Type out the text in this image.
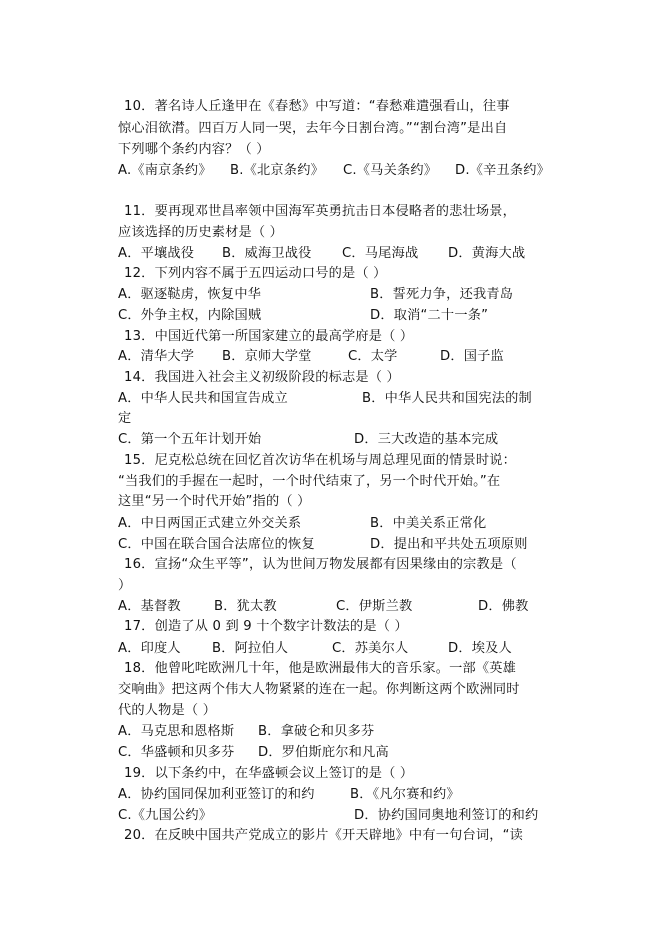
10．著名诗人丘逢甲在《春愁》中写道：“春愁难遣强看山，往事
惊心泪欲潸。四百万人同一哭，去年今日割台湾。”“割台湾”是出自
下列哪个条约内容？（ ）
A.《南京条约》 B.《北京条约》 C.《马关条约》 D.《辛丑条约》
11．要再现邓世昌率领中国海军英勇抗击日本侵略者的悲壮场景，
应该选择的历史素材是（ ）
A．平壤战役 B．威海卫战役 C．马尾海战 D．黄海大战
12．下列内容不属于五四运动口号的是（ ）
A．驱逐鞑虏，恢复中华	B．誓死力争，还我青岛
C．外争主权，内除国贼	D．取消“二十一条”
13．中国近代第一所国家建立的最高学府是（ ）
A．清华大学 B．京师大学堂	C．太学	D．国子监
14．我国进入社会主义初级阶段的标志是（ ）
A．中华人民共和国宣告成立	B．中华人民共和国宪法的制
定
C．第一个五年计划开始	D．三大改造的基本完成
15．尼克松总统在回忆首次访华在机场与周总理见面的情景时说：
“当我们的手握在一起时，一个时代结束了，另一个时代开始。”在
这里“另一个时代开始”指的（ ）
A．中日两国正式建立外交关系	B．中美关系正常化
C．中国在联合国合法席位的恢复	D．提出和平共处五项原则
16．宣扬“众生平等”，认为世间万物发展都有因果缘由的宗教是（
）
A．基督教	B．犹太教	C．伊斯兰教	D．佛教
17．创造了从 0 到 9 十个数字计数法的是（ ）
A．印度人 B．阿拉伯人	C．苏美尔人	D．埃及人
18．他曾叱咤欧洲几十年，他是欧洲最伟大的音乐家。一部《英雄
交响曲》把这两个伟大人物紧紧的连在一起。你判断这两个欧洲同时
代的人物是（ ）
A．马克思和恩格斯 B．拿破仑和贝多芬
C．华盛顿和贝多芬 D．罗伯斯庇尔和凡高
19．以下条约中，在华盛顿会议上签订的是（ ）
A．协约国同保加利亚签订的和约	B．《凡尔赛和约》
C.《九国公约》	D．协约国同奥地利签订的和约
20．在反映中国共产党成立的影片《开天辟地》中有一句台词，“读
